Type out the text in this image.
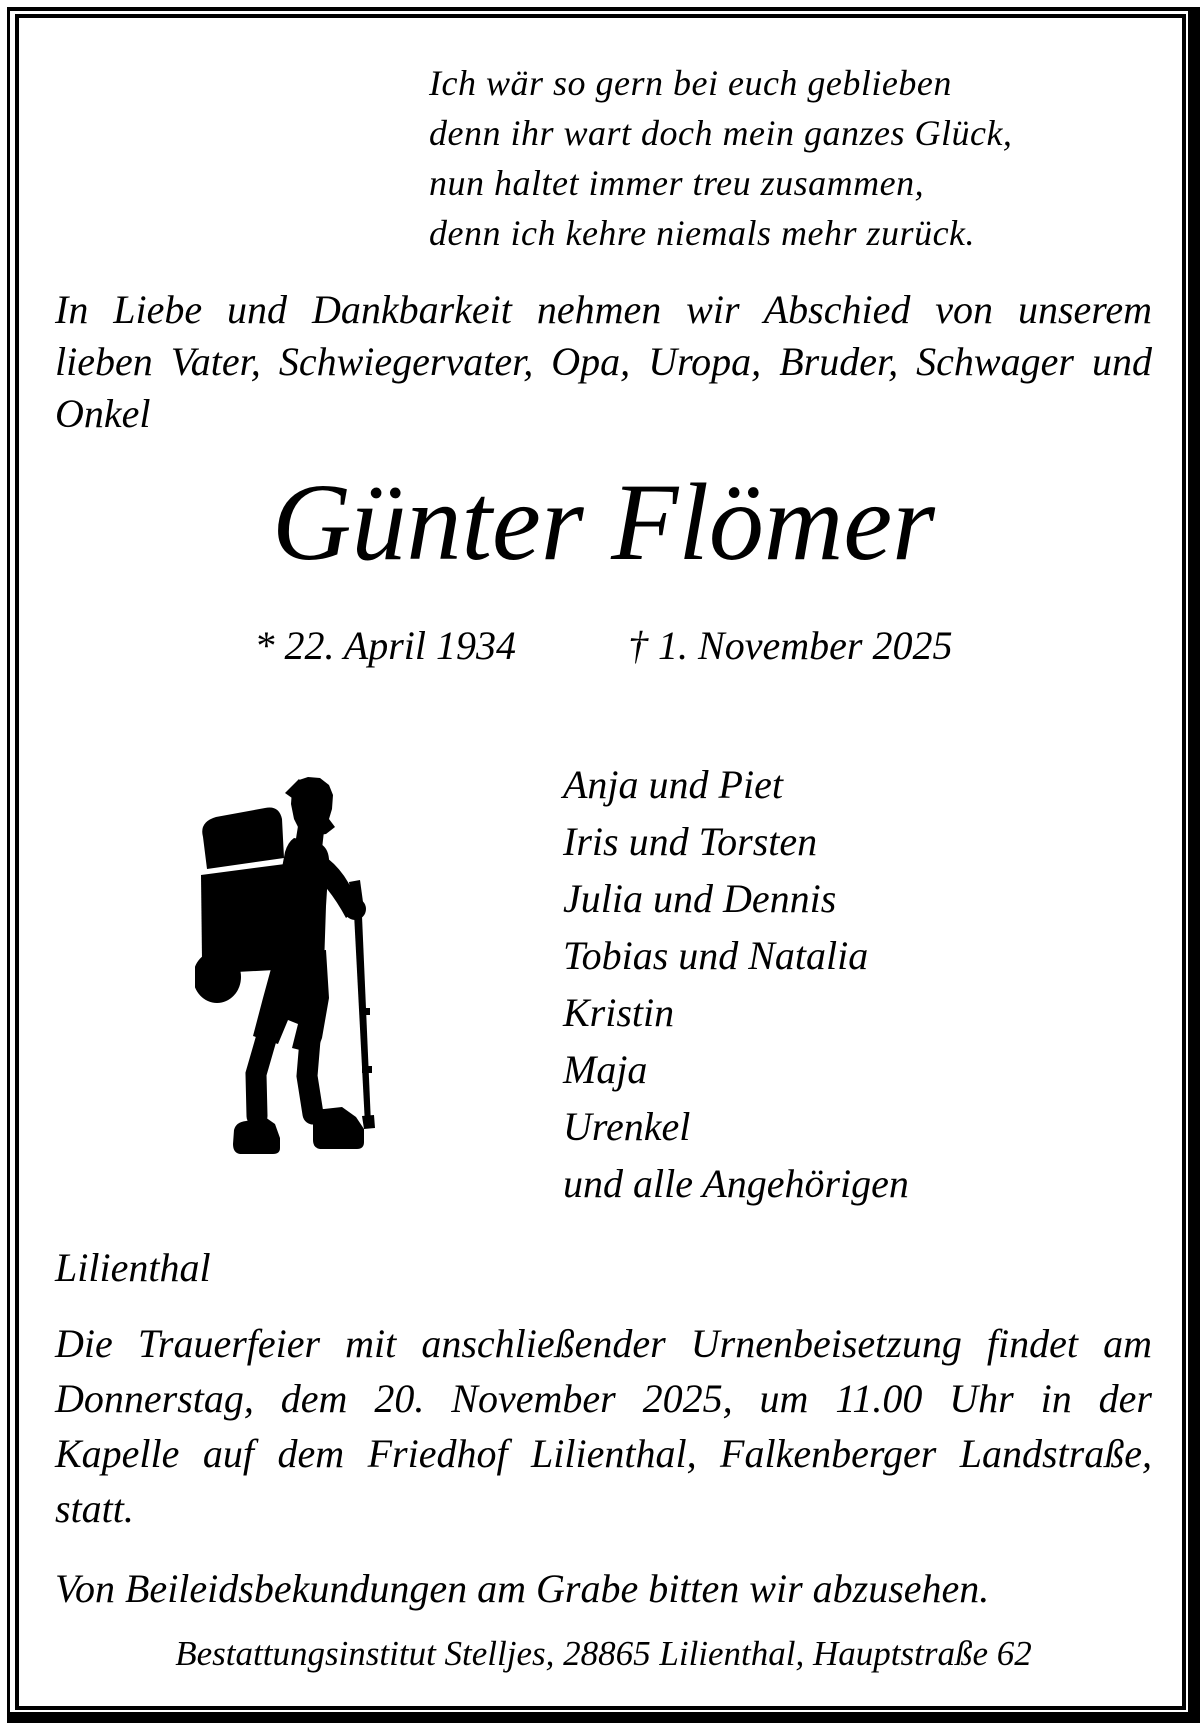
Ich wär so gern bei euch geblieben
denn ihr wart doch mein ganzes Glück,
nun haltet immer treu zusammen,
denn ich kehre niemals mehr zurück.

In Liebe und Dankbarkeit nehmen wir Abschied von unserem lieben Vater, Schwiegervater, Opa, Uropa, Bruder, Schwager und Onkel

Günter Flömer
* 22. April 1934	† 1. November 2025
Anja und Piet
Iris und Torsten
Julia und Dennis
Tobias und Natalia
Kristin
Maja
Urenkel
und alle Angehörigen

Lilienthal

Die Trauerfeier mit anschließender Urnenbeisetzung findet am Donnerstag, dem 20. November 2025, um 11.00 Uhr in der Kapelle auf dem Friedhof Lilienthal, Falkenberger Landstraße, statt.

Von Beileidsbekundungen am Grabe bitten wir abzusehen.

Bestattungsinstitut Stelljes, 28865 Lilienthal, Hauptstraße 62
